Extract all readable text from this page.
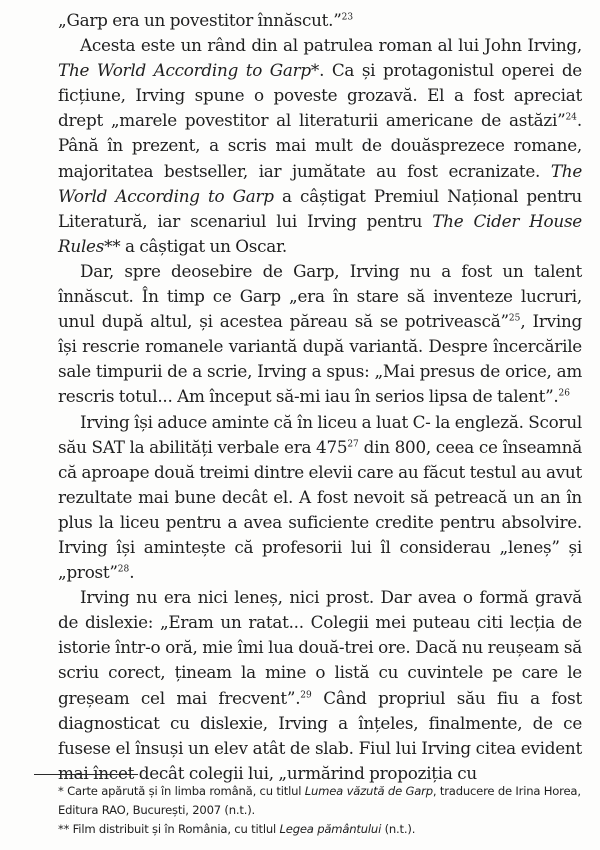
„Garp era un povestitor înnăscut.”$^{23}$

Acesta este un rând din al patrulea roman al lui John Irving, The World According to Garp*. Ca și protagonistul operei de ficțiune, Irving spune o poveste grozavă. El a fost apreciat drept „marele povestitor al literaturii americane de astăzi”$^{24}$. Până în prezent, a scris mai mult de douăsprezece romane, majoritatea bestseller, iar jumătate au fost ecranizate. The World According to Garp a câștigat Premiul Național pentru Literatură, iar scenariul lui Irving pentru The Cider House Rules** a câștigat un Oscar.

Dar, spre deosebire de Garp, Irving nu a fost un talent înnăscut. În timp ce Garp „era în stare să inventeze lucruri, unul după altul, și acestea păreau să se potrivească”$^{25}$, Irving își rescrie romanele variantă după variantă. Despre încercările sale timpurii de a scrie, Irving a spus: „Mai presus de orice, am rescris totul... Am început să-mi iau în serios lipsa de talent”.$^{26}$

Irving își aduce aminte că în liceu a luat C- la engleză. Scorul său SAT la abilități verbale era 475$^{27}$ din 800, ceea ce înseamnă că aproape două treimi dintre elevii care au făcut testul au avut rezultate mai bune decât el. A fost nevoit să petreacă un an în plus la liceu pentru a avea suficiente credite pentru absolvire. Irving își amintește că profesorii lui îl considerau „leneș” și „prost”$^{28}$.

Irving nu era nici leneș, nici prost. Dar avea o formă gravă de dislexie: „Eram un ratat... Colegii mei puteau citi lecția de istorie într-o oră, mie îmi lua două-trei ore. Dacă nu reușeam să scriu corect, țineam la mine o listă cu cuvintele pe care le greșeam cel mai frecvent”.$^{29}$ Când propriul său fiu a fost diagnosticat cu dislexie, Irving a înțeles, finalmente, de ce fusese el însuși un elev atât de slab. Fiul lui Irving citea evident mai încet decât colegii lui, „urmărind propoziția cu

* Carte apărută și în limba română, cu titlul Lumea văzută de Garp, traducere de Irina Horea, Editura RAO, București, 2007 (n.t.).

** Film distribuit și în România, cu titlul Legea pământului (n.t.).
